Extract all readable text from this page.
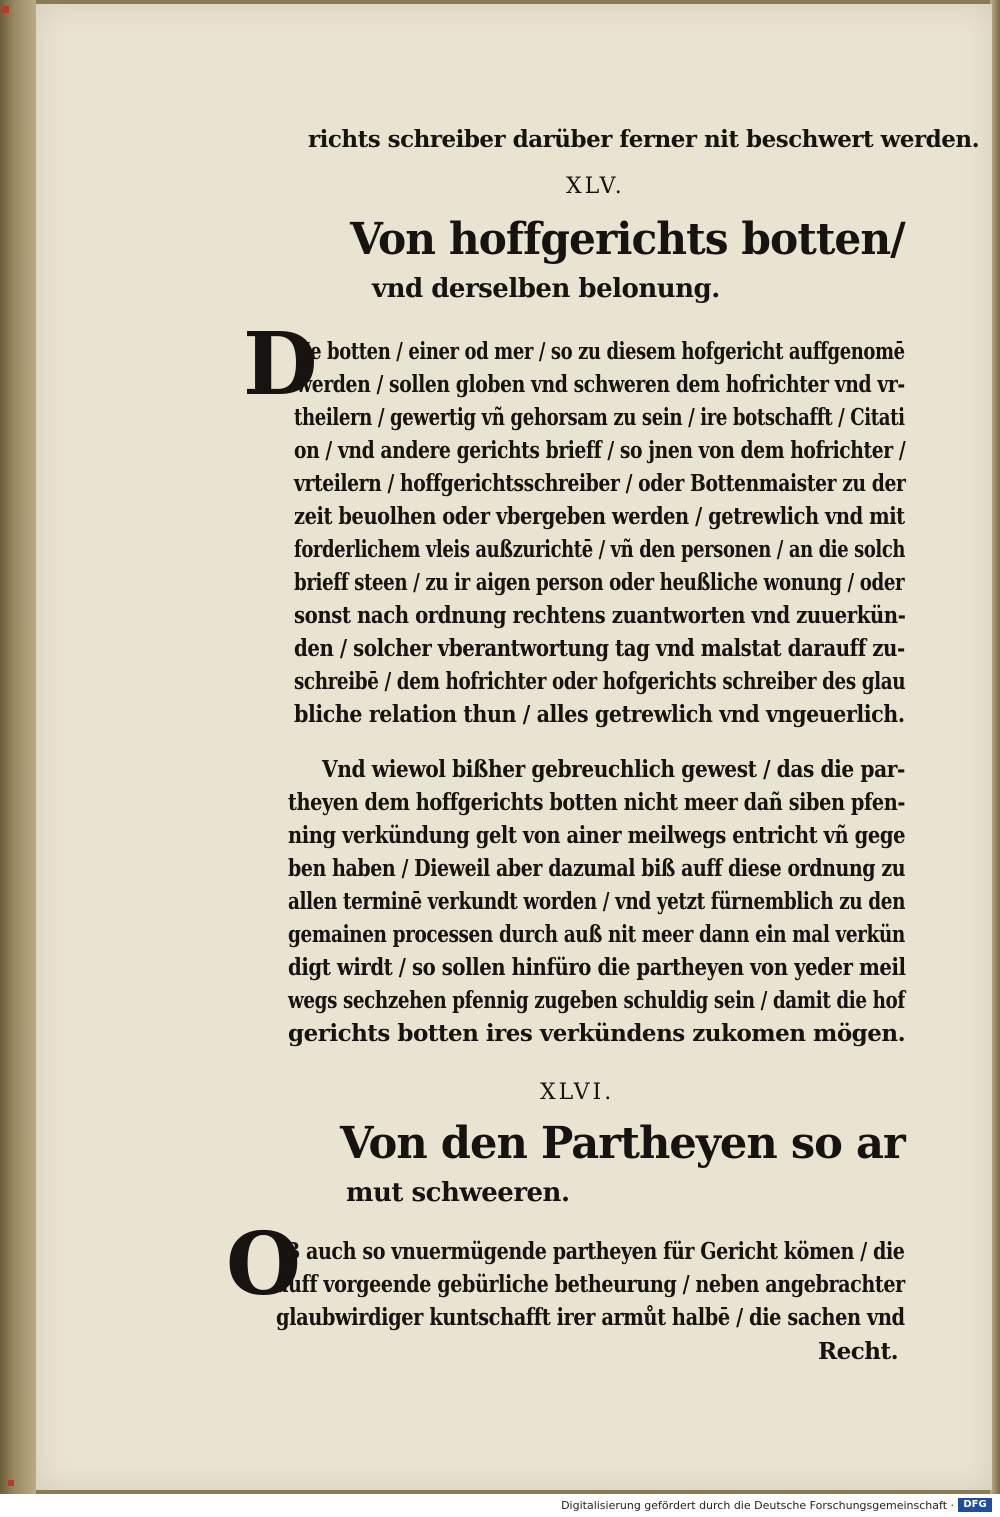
richts schreiber darüber ferner nit beschwert werden.
XLV.
Von hoffgerichts botten/
vnd derselben belonung.
D
Je botten / einer od mer / so zu diesem hofgericht auffgenomē
werden / sollen globen vnd schweren dem hofrichter vnd vr-
theilern / gewertig vñ gehorsam zu sein / ire botschafft / Citati
on / vnd andere gerichts brieff / so jnen von dem hofrichter /
vrteilern / hoffgerichtsschreiber / oder Bottenmaister zu der
zeit beuolhen oder vbergeben werden / getrewlich vnd mit
forderlichem vleis außzurichtē / vñ den personen / an die solch
brieff steen / zu ir aigen person oder heußliche wonung / oder
sonst nach ordnung rechtens zuantworten vnd zuuerkün-
den / solcher vberantwortung tag vnd malstat darauff zu-
schreibē / dem hofrichter oder hofgerichts schreiber des glau
bliche relation thun / alles getrewlich vnd vngeuerlich.
Vnd wiewol bißher gebreuchlich gewest / das die par-
theyen dem hoffgerichts botten nicht meer dañ siben pfen-
ning verkündung gelt von ainer meilwegs entricht vñ gege
ben haben / Dieweil aber dazumal biß auff diese ordnung zu
allen terminē verkundt worden / vnd yetzt fürnemblich zu den
gemainen processen durch auß nit meer dann ein mal verkün
digt wirdt / so sollen hinfüro die partheyen von yeder meil
wegs sechzehen pfennig zugeben schuldig sein / damit die hof
gerichts botten ires verkündens zukomen mögen.
XLVI.
Von den Partheyen so ar
mut schweeren.
O
B auch so vnuermügende partheyen für Gericht kömen / die
auff vorgeende gebürliche betheurung / neben angebrachter
glaubwirdiger kuntschafft irer armůt halbē / die sachen vnd
Recht.
Digitalisierung gefördert durch die Deutsche Forschungsgemeinschaft · DFG
